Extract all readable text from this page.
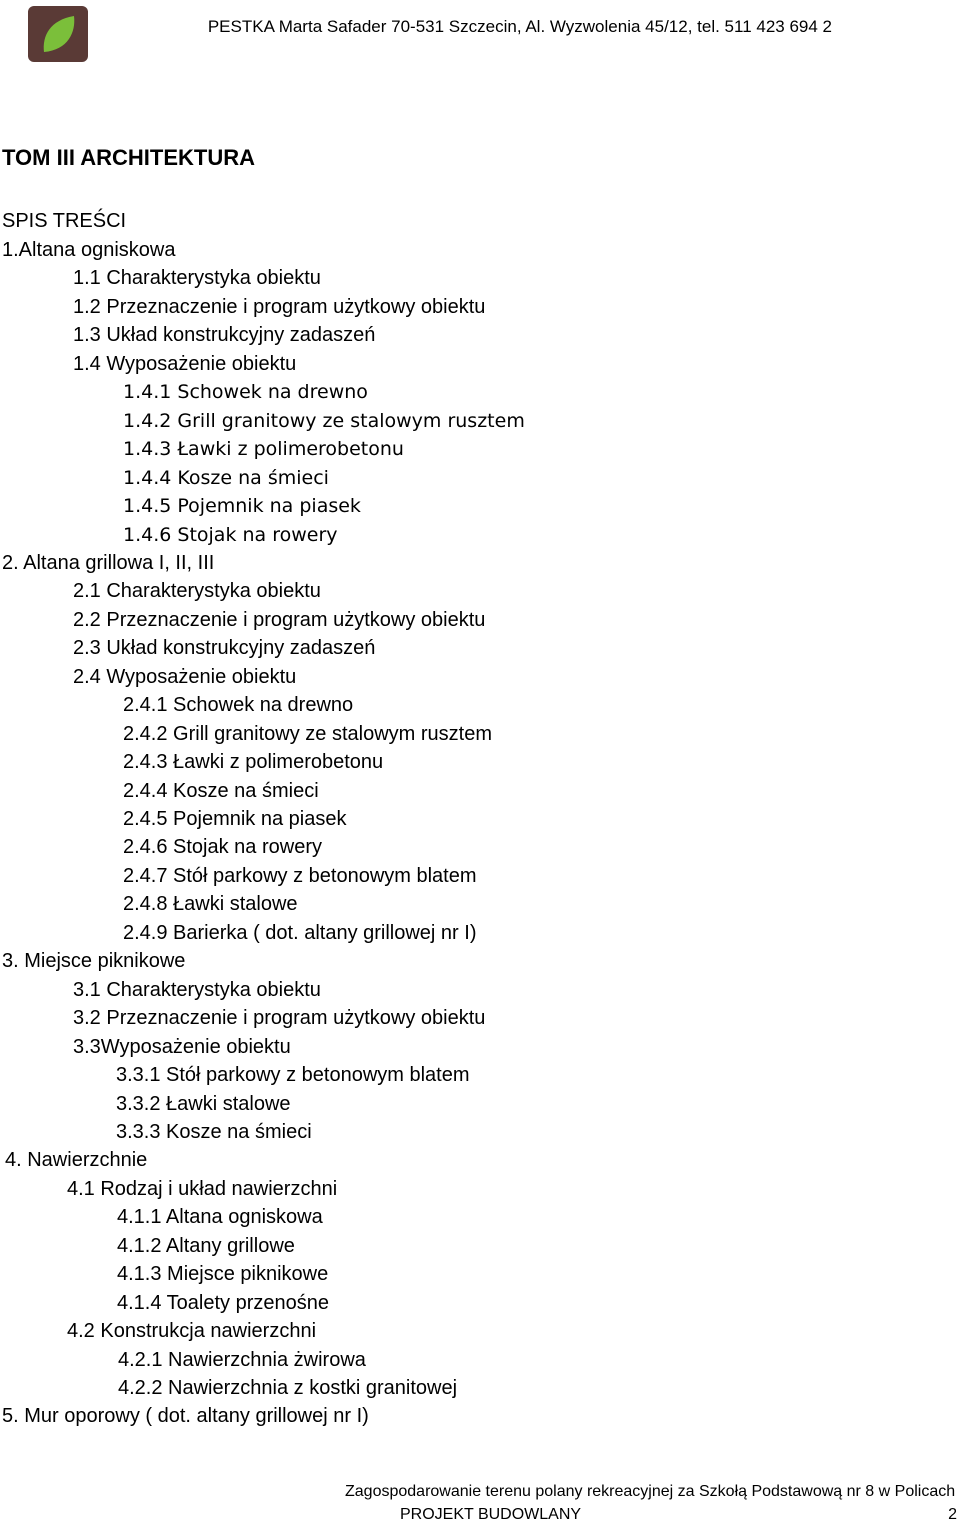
PESTKA Marta Safader 70-531 Szczecin, Al. Wyzwolenia 45/12, tel. 511 423 694 2
TOM III ARCHITEKTURA
SPIS TREŚCI
1.Altana ogniskowa
1.1 Charakterystyka obiektu
1.2 Przeznaczenie i program użytkowy obiektu
1.3 Układ konstrukcyjny zadaszeń
1.4 Wyposażenie obiektu
1.4.1 Schowek na drewno
1.4.2 Grill granitowy ze stalowym rusztem
1.4.3 Ławki z polimerobetonu
1.4.4 Kosze na śmieci
1.4.5 Pojemnik na piasek
1.4.6 Stojak na rowery
2. Altana grillowa I, II, III
2.1 Charakterystyka obiektu
2.2 Przeznaczenie i program użytkowy obiektu
2.3 Układ konstrukcyjny zadaszeń
2.4 Wyposażenie obiektu
2.4.1 Schowek na drewno
2.4.2 Grill granitowy ze stalowym rusztem
2.4.3 Ławki z polimerobetonu
2.4.4 Kosze na śmieci
2.4.5 Pojemnik na piasek
2.4.6 Stojak na rowery
2.4.7 Stół parkowy z betonowym blatem
2.4.8 Ławki stalowe
2.4.9 Barierka ( dot. altany grillowej nr I)
3. Miejsce piknikowe
3.1 Charakterystyka obiektu
3.2 Przeznaczenie i program użytkowy obiektu
3.3Wyposażenie obiektu
3.3.1 Stół parkowy z betonowym blatem
3.3.2 Ławki stalowe
3.3.3 Kosze na śmieci
4. Nawierzchnie
4.1 Rodzaj i układ nawierzchni
4.1.1 Altana ogniskowa
4.1.2 Altany grillowe
4.1.3 Miejsce piknikowe
4.1.4 Toalety przenośne
4.2 Konstrukcja nawierzchni
4.2.1 Nawierzchnia żwirowa
4.2.2 Nawierzchnia z kostki granitowej
5. Mur oporowy ( dot. altany grillowej nr I)
Zagospodarowanie terenu polany rekreacyjnej za Szkołą Podstawową nr 8 w Policach
PROJEKT BUDOWLANY	2
